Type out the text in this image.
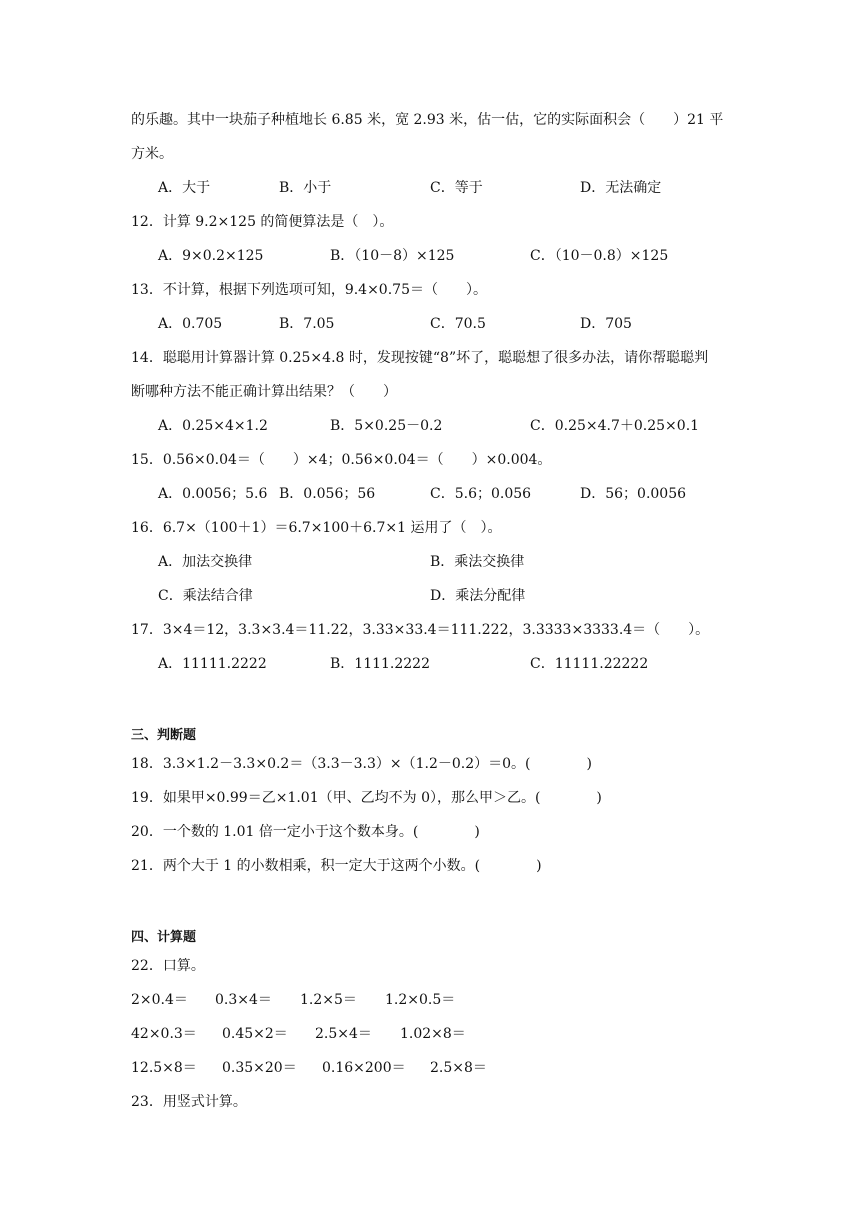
的乐趣。其中一块茄子种植地长 6.85 米，宽 2.93 米，估一估，它的实际面积会（　　）21 平
方米。
A．大于	B．小于	C．等于	D．无法确定
12．计算 9.2×125 的简便算法是（　）。
A．9×0.2×125	B．（10－8）×125	C．（10－0.8）×125
13．不计算，根据下列选项可知，9.4×0.75＝（　　）。
A．0.705	B．7.05	C．70.5	D．705
14．聪聪用计算器计算 0.25×4.8 时，发现按键“8”坏了，聪聪想了很多办法，请你帮聪聪判
断哪种方法不能正确计算出结果？（　　）
A．0.25×4×1.2	B．5×0.25－0.2	C．0.25×4.7＋0.25×0.1
15．0.56×0.04＝（　　）×4；0.56×0.04＝（　　）×0.004。
A．0.0056；5.6 B．0.056；56	C．5.6；0.056	D．56；0.0056
16．6.7×（100＋1）＝6.7×100＋6.7×1 运用了（　）。
A．加法交换律	B．乘法交换律
C．乘法结合律	D．乘法分配律
17．3×4＝12，3.3×3.4＝11.22，3.33×33.4＝111.222，3.3333×3333.4＝（　　）。
A．11111.2222	B．1111.2222	C．11111.22222
三、判断题
18．3.3×1.2－3.3×0.2＝（3.3－3.3）×（1.2－0.2）＝0。(　　　　)
19．如果甲×0.99＝乙×1.01（甲、乙均不为 0），那么甲＞乙。(　　　　)
20．一个数的 1.01 倍一定小于这个数本身。(　　　　)
21．两个大于 1 的小数相乘，积一定大于这两个小数。(　　　　)
四、计算题
22．口算。
2×0.4＝ 0.3×4＝ 1.2×5＝ 1.2×0.5＝
42×0.3＝ 0.45×2＝ 2.5×4＝ 1.02×8＝
12.5×8＝ 0.35×20＝ 0.16×200＝ 2.5×8＝
23．用竖式计算。
